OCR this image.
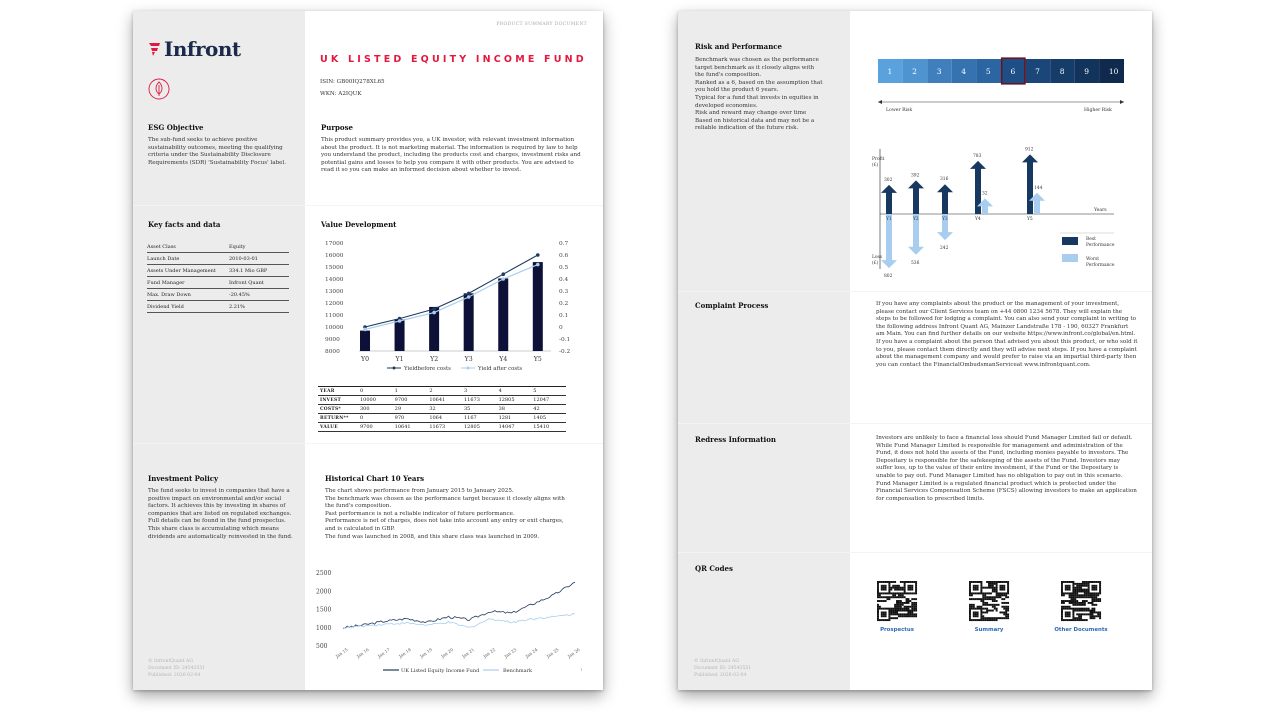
PRODUCT SUMMARY DOCUMENT
Infront	UK LISTED EQUITY INCOME FUND
ISIN: GB00IQ278XL65
WKN: A2IQUK
ESG Objective
The sub-fund seeks to achieve positive sustainability outcomes, meeting the qualifying criteria under the Sustainability Disclosure Requirements (SDR) 'Sustainability Focus' label.
Purpose
This product summary provides you, a UK investor, with relevant investment information about the product. It is not marketing material. The information is required by law to help you understand the product, including the products cost and charges, investment risks and potential gains and losses to help you compare it with other products. You are advised to read it so you can make an informed decision about whether to invest.
Key facts and data
Asset Class	Equity
Launch Date	2010-03-01
Assets Under Management	334.1 Mio GBP
Fund Manager	Infront Quant
Max. Draw Down	-20.45%
Dividend Yield	2.21%
Value Development
8000
9000
10000
11000
12000
13000
14000
15000
16000
17000	0.7
0.6
0.5
0.4
0.3
0.2
0.1
0
-0.1
-0.2
Y0	Y1	Y2	Y3	Y4	Y5
Yieldbefore costs	Yield after costs
YEAR	0	1	2	3	4	5
INVEST	10000	9700	10641	11673	12805	12047
COSTS*	300	29	32	35	38	42
RETURN**	0	970	1064	1167	1281	1405
VALUE	9700	10641	11673	12805	14047	15410
Investment Policy
The fund seeks to invest in companies that have a positive impact on environmental and/or social factors. It achieves this by investing in shares of companies that are listed on regulated exchanges. Full details can be found in the fund prospectus. This share class is accumulating which means dividends are automatically reinvested in the fund.
Historical Chart 10 Years
The chart shows performance from January 2015 to January 2025.
The benchmark was chosen as the performance target because it closely aligns with the fund's composition.
Past performance is not a reliable indicator of future performance.
Performance is net of charges, does not take into account any entry or exit charges, and is calculated in GBP.
The fund was launched in 2008, and this share class was launched in 2009.
500
1000
1500
2000
2500
Jan 15 Jan 16 Jan 17 Jan 18 Jan 19 Jan 20 Jan 21 Jan 22 Jan 23 Jan 24 Jan 25 Jan 26
UK Listed Equity Income Fund	Benchmark
© InfrontQuant AG
Document ID: 24543551
Published: 2026-02-04
1
Risk and Performance
Benchmark was chosen as the performance
target benchmark as it closely aligns with
the fund's composition.
Ranked as a 6, based on the assumption that
you hold the product 6 years.
Typical for a fund that invests in equities in
developed economies.
Risk and reward may change over time
Based on historical data and may not be a
reliable indication of the future risk.
1	2	3	4	5	6	7	8	9	10
Lower Risk	Higher Risk
Profit
(£)
Loss
(£)
Years
302
802
Y1
392
536
Y2
316
242
Y3
783
32
Y4
912
144
Y5
Best
Performance
Worst
Performance
Complaint Process	If you have any complaints about the product or the management of your investment, please contact our Client Services team on +44 0800 1234 5678. They will explain the steps to be followed for lodging a complaint. You can also send your complaint in writing to the following address Infront Quant AG, Mainzer Landstraße 178 - 190, 60327 Frankfurt am Main. You can find further details on our website https://www.infront.co/global/en.html. If you have a complaint about the person that advised you about this product, or who sold it to you, please contact them directly and they will advise next steps. If you have a complaint about the management company and would prefer to raise via an impartial third-party then you can contact the FinancialOmbudsmanServiceat www.infrontquant.com.
Redress Information	Investors are unlikely to face a financial loss should Fund Manager Limited fail or default. While Fund Manager Limited is responsible for management and administration of the Fund, it does not hold the assets of the Fund, including monies payable to investors. The Depositary is responsible for the safekeeping of the assets of the Fund. Investors may suffer loss, up to the value of their entire investment, if the Fund or the Depositary is unable to pay out. Fund Manager Limited has no obligation to pay out in this scenario. Fund Manager Limited is a regulated financial product which is protected under the Financial Services Compensation Scheme (FSCS) allowing investors to make an application for compensation to prescribed limits.
QR Codes
Prospectus	Summary	Other Documents
© InfrontQuant AG
Document ID: 24543551
Published: 2026-02-04
